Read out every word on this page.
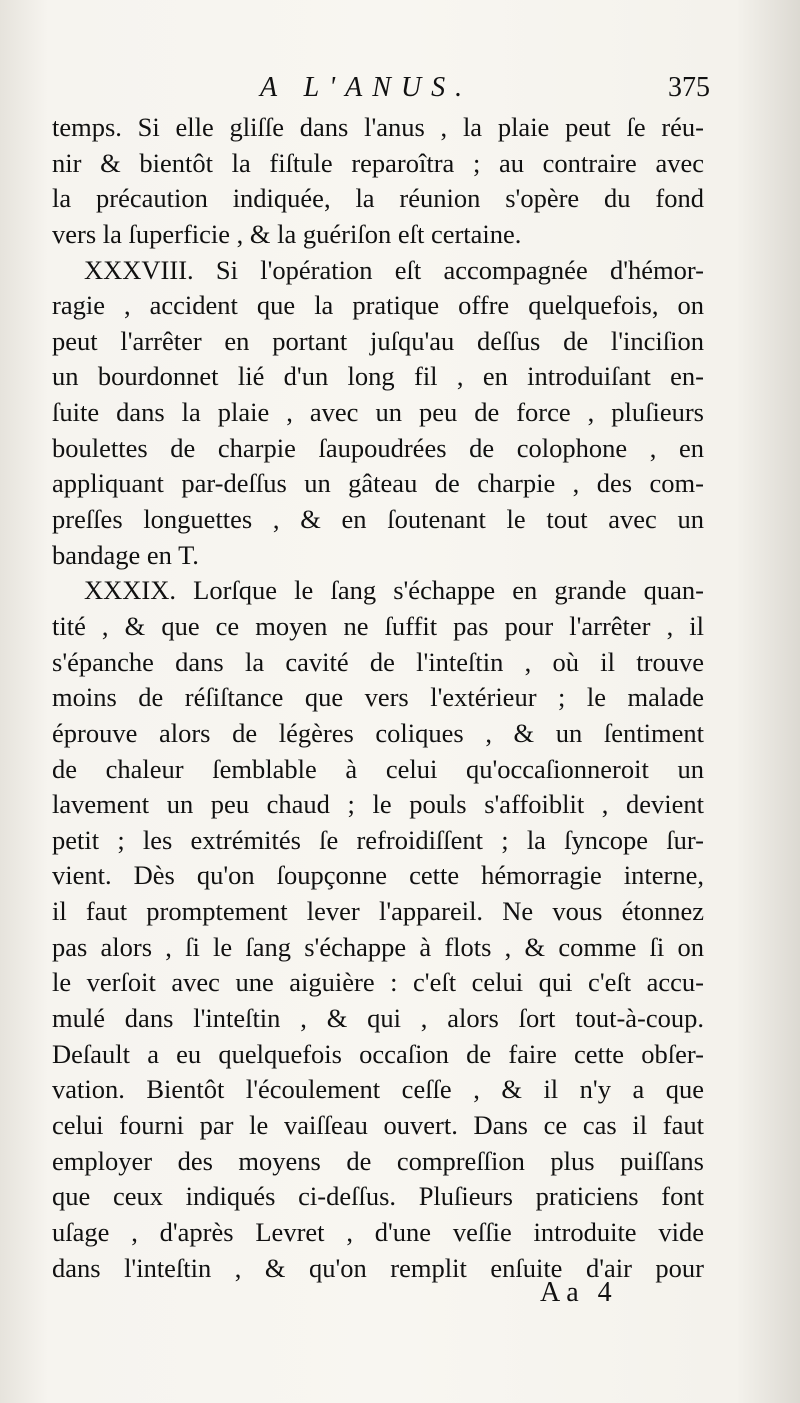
A L'ANUS.	375
temps. Si elle gliſſe dans l'anus , la plaie peut ſe réu-
nir & bientôt la fiſtule reparoîtra ; au contraire avec
la précaution indiquée, la réunion s'opère du fond
vers la ſuperficie , & la guériſon eſt certaine.
XXXVIII. Si l'opération eſt accompagnée d'hémor-
ragie , accident que la pratique offre quelquefois, on
peut l'arrêter en portant juſqu'au deſſus de l'inciſion
un bourdonnet lié d'un long fil , en introduiſant en-
ſuite dans la plaie , avec un peu de force , pluſieurs
boulettes de charpie ſaupoudrées de colophone , en
appliquant par-deſſus un gâteau de charpie , des com-
preſſes longuettes , & en ſoutenant le tout avec un
bandage en T.
XXXIX. Lorſque le ſang s'échappe en grande quan-
tité , & que ce moyen ne ſuffit pas pour l'arrêter , il
s'épanche dans la cavité de l'inteſtin , où il trouve
moins de réſiſtance que vers l'extérieur ; le malade
éprouve alors de légères coliques , & un ſentiment
de chaleur ſemblable à celui qu'occaſionneroit un
lavement un peu chaud ; le pouls s'affoiblit , devient
petit ; les extrémités ſe refroidiſſent ; la ſyncope ſur-
vient. Dès qu'on ſoupçonne cette hémorragie interne,
il faut promptement lever l'appareil. Ne vous étonnez
pas alors , ſi le ſang s'échappe à flots , & comme ſi on
le verſoit avec une aiguière : c'eſt celui qui c'eſt accu-
mulé dans l'inteſtin , & qui , alors ſort tout-à-coup.
Deſault a eu quelquefois occaſion de faire cette obſer-
vation. Bientôt l'écoulement ceſſe , & il n'y a que
celui fourni par le vaiſſeau ouvert. Dans ce cas il faut
employer des moyens de compreſſion plus puiſſans
que ceux indiqués ci-deſſus. Pluſieurs praticiens font
uſage , d'après Levret , d'une veſſie introduite vide
dans l'inteſtin , & qu'on remplit enſuite d'air pour
Aa 4
